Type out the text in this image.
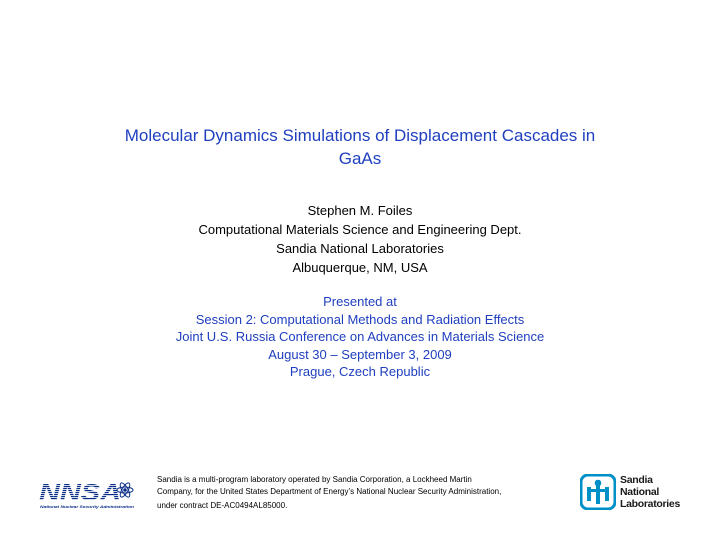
Molecular Dynamics Simulations of Displacement Cascades in
GaAs
Stephen M. Foiles
Computational Materials Science and Engineering Dept.
Sandia National Laboratories
Albuquerque, NM, USA
Presented at
Session 2: Computational Methods and Radiation Effects
Joint U.S. Russia Conference on Advances in Materials Science
August 30 – September 3, 2009
Prague, Czech Republic
NNSA
National Nuclear Security Administration
Sandia is a multi-program laboratory operated by Sandia Corporation, a Lockheed Martin
Company, for the United States Department of Energy’s National Nuclear Security Administration,
under contract DE-AC0494AL85000.
Sandia
National
Laboratories
